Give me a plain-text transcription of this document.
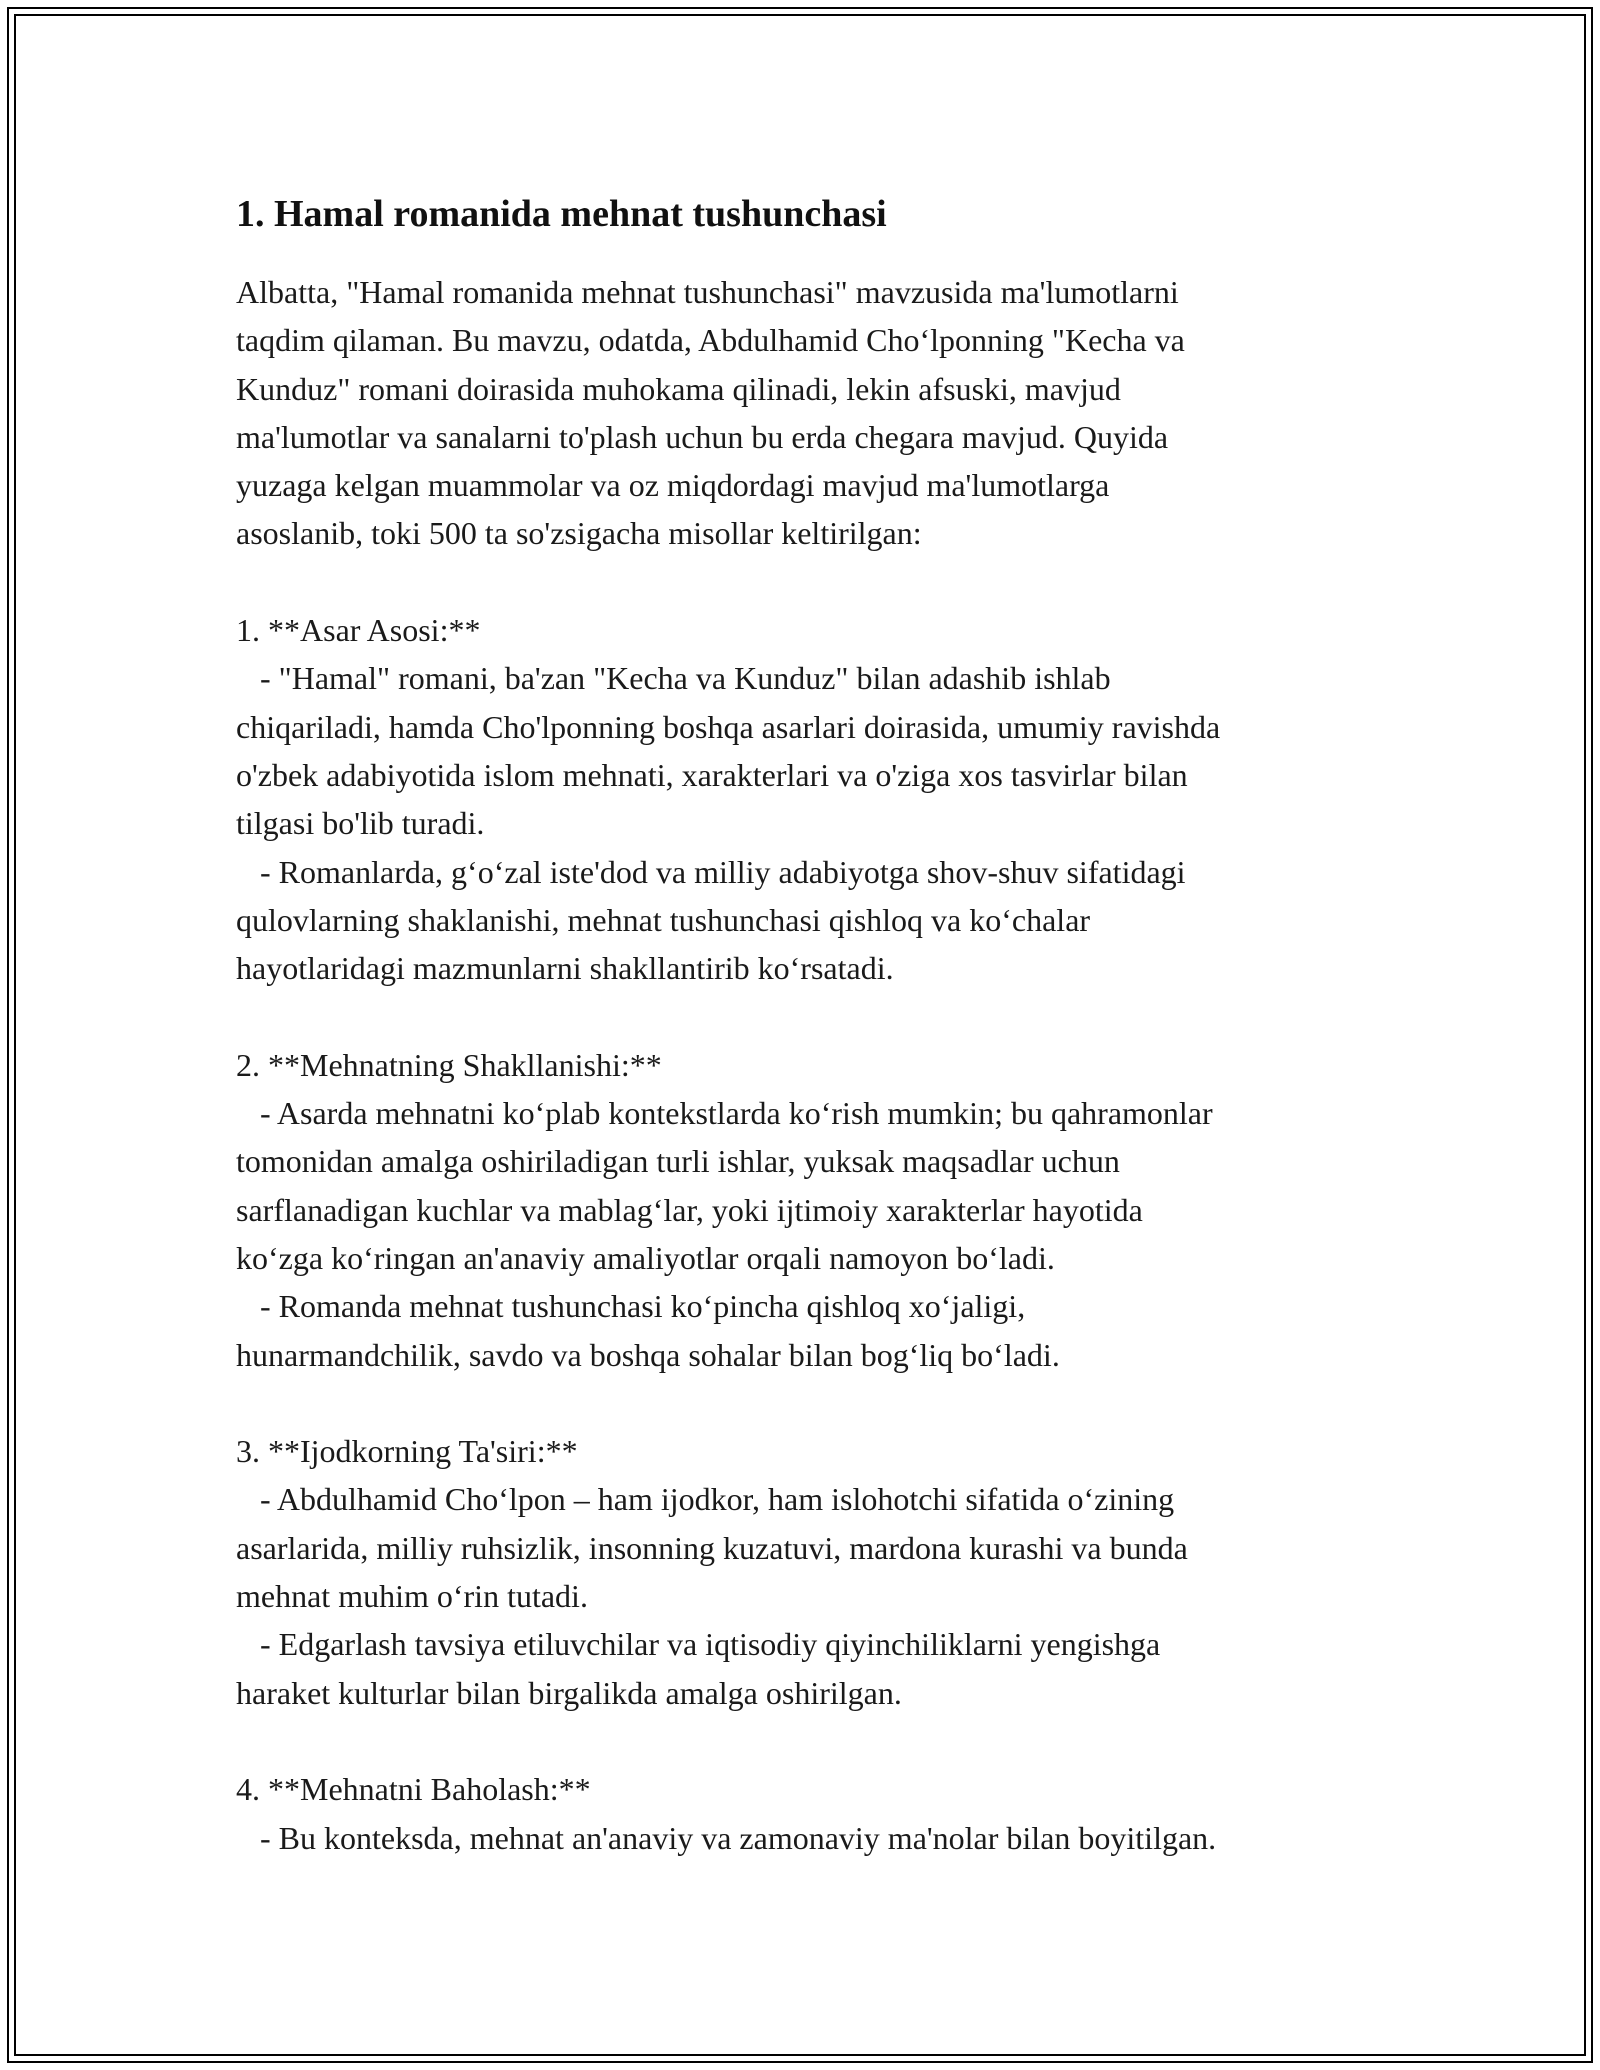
1. Hamal romanida mehnat tushunchasi
Albatta, "Hamal romanida mehnat tushunchasi" mavzusida ma'lumotlarni
taqdim qilaman. Bu mavzu, odatda, Abdulhamid Choʻlponning "Kecha va
Kunduz" romani doirasida muhokama qilinadi, lekin afsuski, mavjud
ma'lumotlar va sanalarni to'plash uchun bu erda chegara mavjud. Quyida
yuzaga kelgan muammolar va oz miqdordagi mavjud ma'lumotlarga
asoslanib, toki 500 ta so'zsigacha misollar keltirilgan:

1. **Asar Asosi:**
- "Hamal" romani, ba'zan "Kecha va Kunduz" bilan adashib ishlab
chiqariladi, hamda Cho'lponning boshqa asarlari doirasida, umumiy ravishda
o'zbek adabiyotida islom mehnati, xarakterlari va o'ziga xos tasvirlar bilan
tilgasi bo'lib turadi.
- Romanlarda, gʻoʻzal iste'dod va milliy adabiyotga shov-shuv sifatidagi
qulovlarning shaklanishi, mehnat tushunchasi qishloq va koʻchalar
hayotlaridagi mazmunlarni shakllantirib koʻrsatadi.

2. **Mehnatning Shakllanishi:**
- Asarda mehnatni koʻplab kontekstlarda koʻrish mumkin; bu qahramonlar
tomonidan amalga oshiriladigan turli ishlar, yuksak maqsadlar uchun
sarflanadigan kuchlar va mablagʻlar, yoki ijtimoiy xarakterlar hayotida
koʻzga koʻringan an'anaviy amaliyotlar orqali namoyon boʻladi.
- Romanda mehnat tushunchasi koʻpincha qishloq xoʻjaligi,
hunarmandchilik, savdo va boshqa sohalar bilan bogʻliq boʻladi.

3. **Ijodkorning Ta'siri:**
- Abdulhamid Choʻlpon – ham ijodkor, ham islohotchi sifatida oʻzining
asarlarida, milliy ruhsizlik, insonning kuzatuvi, mardona kurashi va bunda
mehnat muhim oʻrin tutadi.
- Edgarlash tavsiya etiluvchilar va iqtisodiy qiyinchiliklarni yengishga
haraket kulturlar bilan birgalikda amalga oshirilgan.

4. **Mehnatni Baholash:**
- Bu konteksda, mehnat an'anaviy va zamonaviy ma'nolar bilan boyitilgan.
